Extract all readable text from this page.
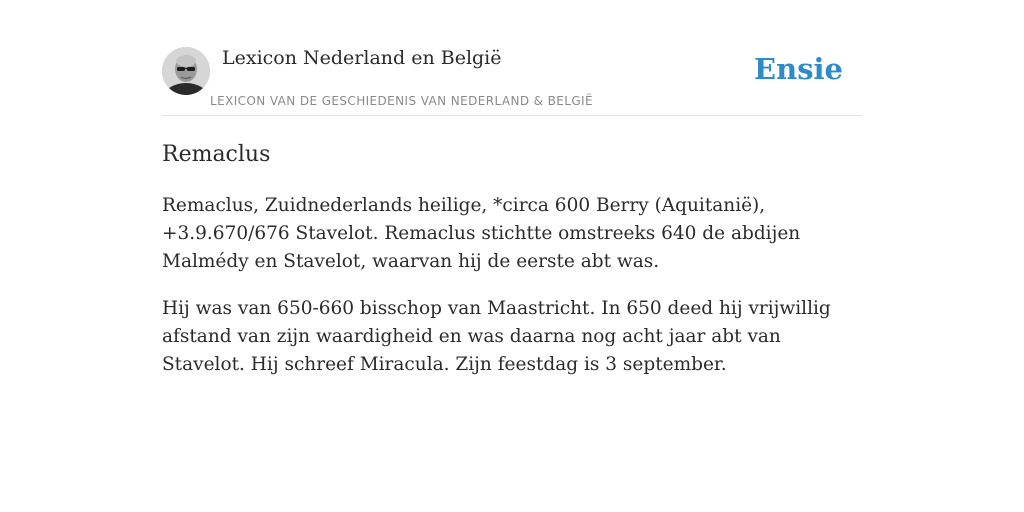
Lexicon Nederland en België
LEXICON VAN DE GESCHIEDENIS VAN NEDERLAND & BELGIË
Ensie
Remaclus

Remaclus, Zuidnederlands heilige, *circa 600 Berry (Aquitanië), +3.9.670/676 Stavelot. Remaclus stichtte omstreeks 640 de abdijen Malmédy en Stavelot, waarvan hij de eerste abt was.

Hij was van 650-660 bisschop van Maastricht. In 650 deed hij vrijwillig afstand van zijn waardigheid en was daarna nog acht jaar abt van Stavelot. Hij schreef Miracula. Zijn feestdag is 3 september.
